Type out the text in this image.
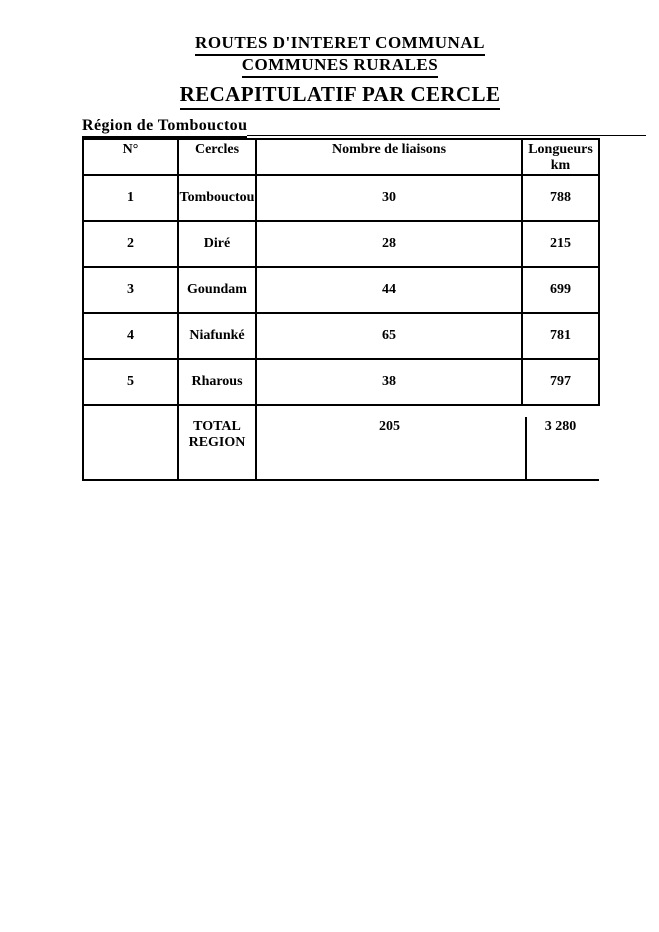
ROUTES D'INTERET COMMUNAL
COMMUNES RURALES
RECAPITULATIF PAR CERCLE
Région de Tombouctou
N°	Cercles	Nombre de liaisons	Longueurs km
1	Tombouctou	30	788
2	Diré	28	215
3	Goundam	44	699
4	Niafunké	65	781
5	Rharous	38	797
	TOTAL REGION	205	3 280
